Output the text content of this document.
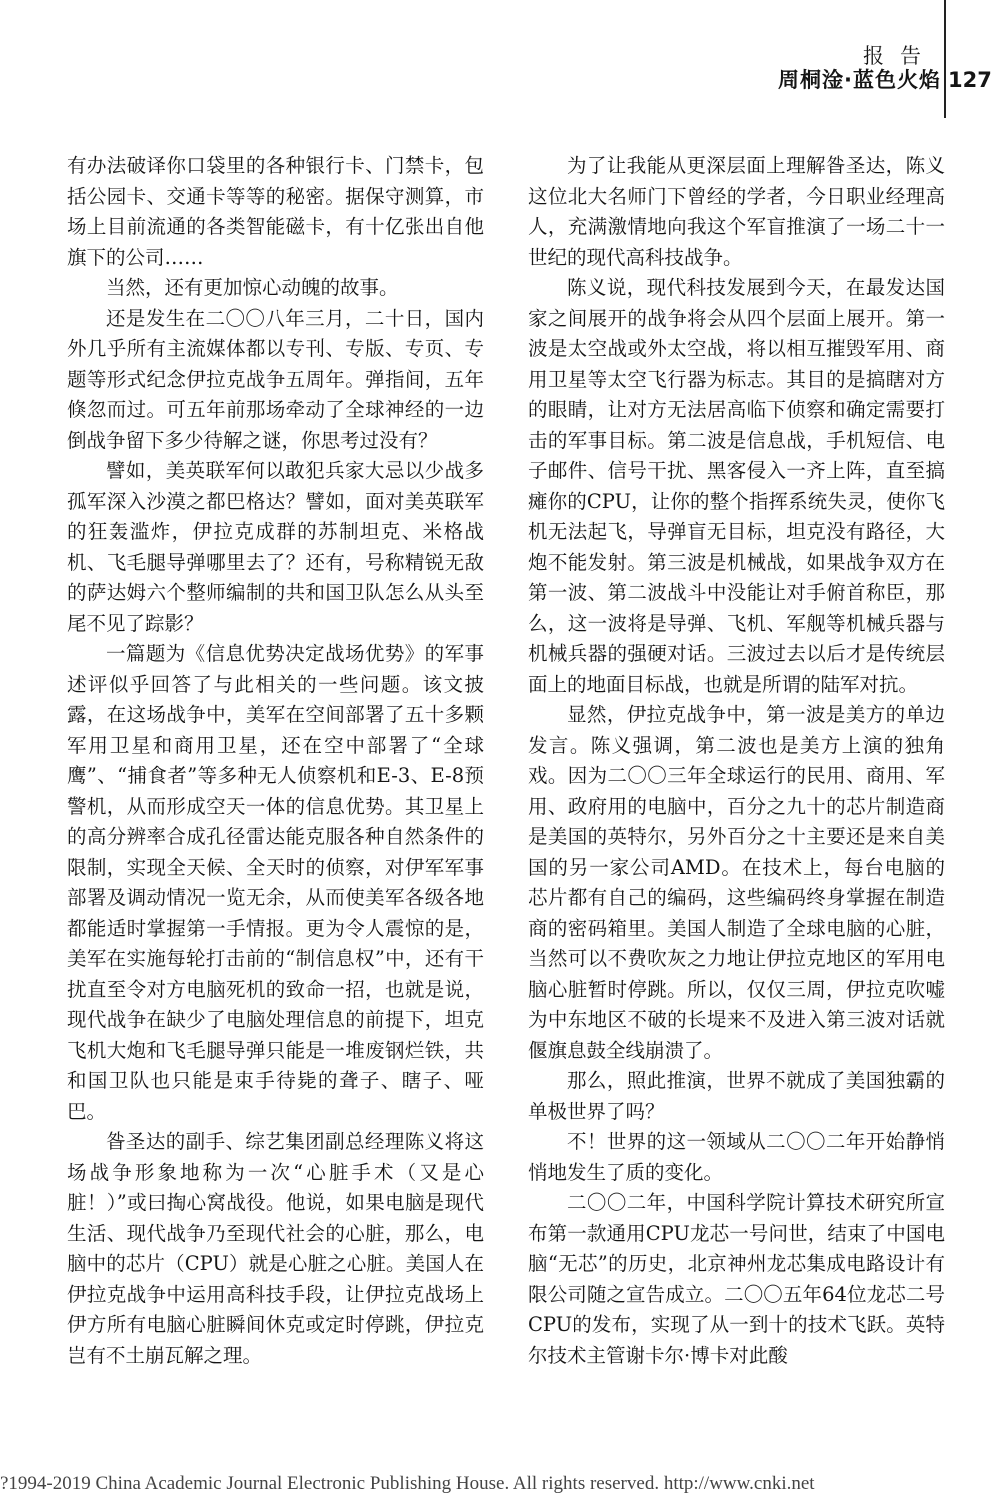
报告
周桐淦·蓝色火焰 127

有办法破译你口袋里的各种银行卡、门禁卡，包括公园卡、交通卡等等的秘密。据保守测算，市场上目前流通的各类智能磁卡，有十亿张出自他旗下的公司……

当然，还有更加惊心动魄的故事。

还是发生在二〇〇八年三月，二十日，国内外几乎所有主流媒体都以专刊、专版、专页、专题等形式纪念伊拉克战争五周年。弹指间，五年倏忽而过。可五年前那场牵动了全球神经的一边倒战争留下多少待解之谜，你思考过没有？

譬如，美英联军何以敢犯兵家大忌以少战多孤军深入沙漠之都巴格达？譬如，面对美英联军的狂轰滥炸，伊拉克成群的苏制坦克、米格战机、飞毛腿导弹哪里去了？还有，号称精锐无敌的萨达姆六个整师编制的共和国卫队怎么从头至尾不见了踪影？

一篇题为《信息优势决定战场优势》的军事述评似乎回答了与此相关的一些问题。该文披露，在这场战争中，美军在空间部署了五十多颗军用卫星和商用卫星，还在空中部署了“全球鹰”、“捕食者”等多种无人侦察机和E-3、E-8预警机，从而形成空天一体的信息优势。其卫星上的高分辨率合成孔径雷达能克服各种自然条件的限制，实现全天候、全天时的侦察，对伊军军事部署及调动情况一览无余，从而使美军各级各地都能适时掌握第一手情报。更为令人震惊的是，美军在实施每轮打击前的“制信息权”中，还有干扰直至令对方电脑死机的致命一招，也就是说，现代战争在缺少了电脑处理信息的前提下，坦克飞机大炮和飞毛腿导弹只能是一堆废钢烂铁，共和国卫队也只能是束手待毙的聋子、瞎子、哑巴。

昝圣达的副手、综艺集团副总经理陈义将这场战争形象地称为一次“心脏手术（又是心脏！）”或曰掏心窝战役。他说，如果电脑是现代生活、现代战争乃至现代社会的心脏，那么，电脑中的芯片（CPU）就是心脏之心脏。美国人在伊拉克战争中运用高科技手段，让伊拉克战场上伊方所有电脑心脏瞬间休克或定时停跳，伊拉克岂有不土崩瓦解之理。

为了让我能从更深层面上理解昝圣达，陈义这位北大名师门下曾经的学者，今日职业经理高人，充满激情地向我这个军盲推演了一场二十一世纪的现代高科技战争。

陈义说，现代科技发展到今天，在最发达国家之间展开的战争将会从四个层面上展开。第一波是太空战或外太空战，将以相互摧毁军用、商用卫星等太空飞行器为标志。其目的是搞瞎对方的眼睛，让对方无法居高临下侦察和确定需要打击的军事目标。第二波是信息战，手机短信、电子邮件、信号干扰、黑客侵入一齐上阵，直至搞瘫你的CPU，让你的整个指挥系统失灵，使你飞机无法起飞，导弹盲无目标，坦克没有路径，大炮不能发射。第三波是机械战，如果战争双方在第一波、第二波战斗中没能让对手俯首称臣，那么，这一波将是导弹、飞机、军舰等机械兵器与机械兵器的强硬对话。三波过去以后才是传统层面上的地面目标战，也就是所谓的陆军对抗。

显然，伊拉克战争中，第一波是美方的单边发言。陈义强调，第二波也是美方上演的独角戏。因为二〇〇三年全球运行的民用、商用、军用、政府用的电脑中，百分之九十的芯片制造商是美国的英特尔，另外百分之十主要还是来自美国的另一家公司AMD。在技术上，每台电脑的芯片都有自己的编码，这些编码终身掌握在制造商的密码箱里。美国人制造了全球电脑的心脏，当然可以不费吹灰之力地让伊拉克地区的军用电脑心脏暂时停跳。所以，仅仅三周，伊拉克吹嘘为中东地区不破的长堤来不及进入第三波对话就偃旗息鼓全线崩溃了。

那么，照此推演，世界不就成了美国独霸的单极世界了吗？

不！世界的这一领域从二〇〇二年开始静悄悄地发生了质的变化。

二〇〇二年，中国科学院计算技术研究所宣布第一款通用CPU龙芯一号问世，结束了中国电脑“无芯”的历史，北京神州龙芯集成电路设计有限公司随之宣告成立。二〇〇五年64位龙芯二号CPU的发布，实现了从一到十的技术飞跃。英特尔技术主管谢卡尔·博卡对此酸

?1994-2019 China Academic Journal Electronic Publishing House. All rights reserved. http://www.cnki.net
